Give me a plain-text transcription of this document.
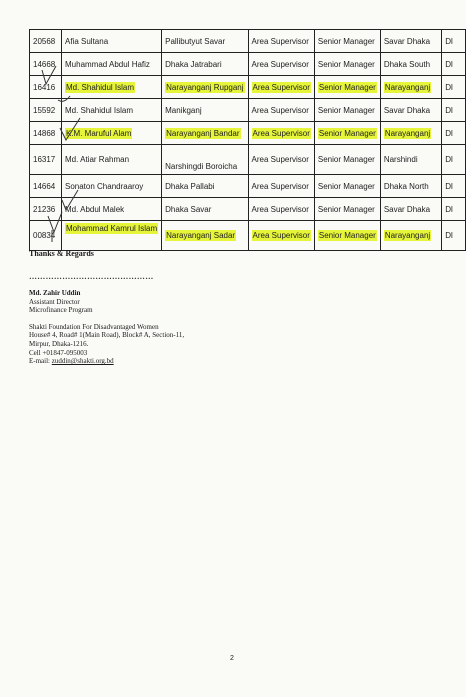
20568	Afia Sultana	Pallibutyut Savar	Area Supervisor	Senior Manager	Savar Dhaka	Dl
14668	Muhammad Abdul Hafiz	Dhaka Jatrabari	Area Supervisor	Senior Manager	Dhaka South	Dl
16416	Md. Shahidul Islam	Narayanganj Rupganj	Area Supervisor	Senior Manager	Narayanganj	Dl
15592	Md. Shahidul Islam	Manikganj	Area Supervisor	Senior Manager	Savar Dhaka	Dl
14868	K.M. Maruful Alam	Narayanganj Bandar	Area Supervisor	Senior Manager	Narayanganj	Dl
16317	Md. Atiar Rahman	Narshingdi Boroicha	Area Supervisor	Senior Manager	Narshindi	Dl
14664	Sonaton Chandraaroy	Dhaka Pallabi	Area Supervisor	Senior Manager	Dhaka North	Dl
21236	Md. Abdul Malek	Dhaka Savar	Area Supervisor	Senior Manager	Savar Dhaka	Dl
00834	Mohammad Kamrul Islam	Narayanganj Sadar	Area Supervisor	Senior Manager	Narayanganj	Dl
Thanks & Regards
………………………………………
Md. Zahir Uddin
Assistant Director
Microfinance Program
Shakti Foundation For Disadvantaged Women
House# 4, Road# 1(Main Road), Block# A, Section-11,
Mirpur, Dhaka-1216.
Cell +01847-095003
E-mail: zuddin@shakti.org.bd
2
